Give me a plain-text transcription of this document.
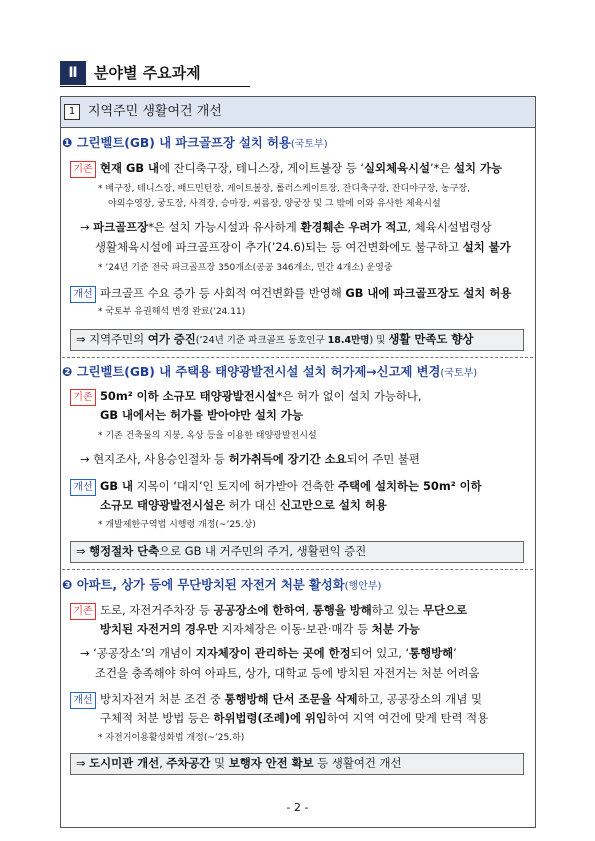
Ⅱ	분야별 주요과제
1 지역주민 생활여건 개선
❶ 그린벨트(GB) 내 파크골프장 설치 허용(국토부)
기존 현재 GB 내에 잔디축구장, 테니스장, 게이트볼장 등 ‘실외체육시설’*은 설치 가능
* 배구장, 테니스장, 배드민턴장, 게이트볼장, 롤러스케이트장, 잔디축구장, 잔디야구장, 농구장,
야외수영장, 궁도장, 사격장, 승마장, 씨름장, 양궁장 및 그 밖에 이와 유사한 체육시설
→ 파크골프장*은 설치 가능시설과 유사하게 환경훼손 우려가 적고, 체육시설법령상
생활체육시설에 파크골프장이 추가(’24.6)되는 등 여건변화에도 불구하고 설치 불가
* ’24년 기준 전국 파크골프장 350개소(공공 346개소, 민간 4개소) 운영중
개선 파크골프 수요 증가 등 사회적 여건변화를 반영해 GB 내에 파크골프장도 설치 허용
* 국토부 유권해석 변경 완료(’24.11)
⇒ 지역주민의 여가 증진(’24년 기준 파크골프 동호인구 18.4만명) 및 생활 만족도 향상
❷ 그린벨트(GB) 내 주택용 태양광발전시설 설치 허가제→신고제 변경(국토부)
기존 50m² 이하 소규모 태양광발전시설*은 허가 없이 설치 가능하나,
GB 내에서는 허가를 받아야만 설치 가능
* 기존 건축물의 지붕, 옥상 등을 이용한 태양광발전시설
→ 현지조사, 사용승인절차 등 허가취득에 장기간 소요되어 주민 불편
개선 GB 내 지목이 ‘대지’인 토지에 허가받아 건축한 주택에 설치하는 50m² 이하
소규모 태양광발전시설은 허가 대신 신고만으로 설치 허용
* 개발제한구역법 시행령 개정(~’25.상)
⇒ 행정절차 단축으로 GB 내 거주민의 주거, 생활편익 증진
❸ 아파트, 상가 등에 무단방치된 자전거 처분 활성화(행안부)
기존 도로, 자전거주차장 등 공공장소에 한하여, 통행을 방해하고 있는 무단으로
방치된 자전거의 경우만 지자체장은 이동·보관·매각 등 처분 가능
→ ‘공공장소’의 개념이 지자체장이 관리하는 곳에 한정되어 있고, ‘통행방해’
조건을 충족해야 하여 아파트, 상가, 대학교 등에 방치된 자전거는 처분 어려움
개선 방치자전거 처분 조건 중 통행방해 단서 조문을 삭제하고, 공공장소의 개념 및
구체적 처분 방법 등은 하위법령(조례)에 위임하여 지역 여건에 맞게 탄력 적용
* 자전거이용활성화법 개정(~’25.하)
⇒ 도시미관 개선, 주차공간 및 보행자 안전 확보 등 생활여건 개선
- 2 -
